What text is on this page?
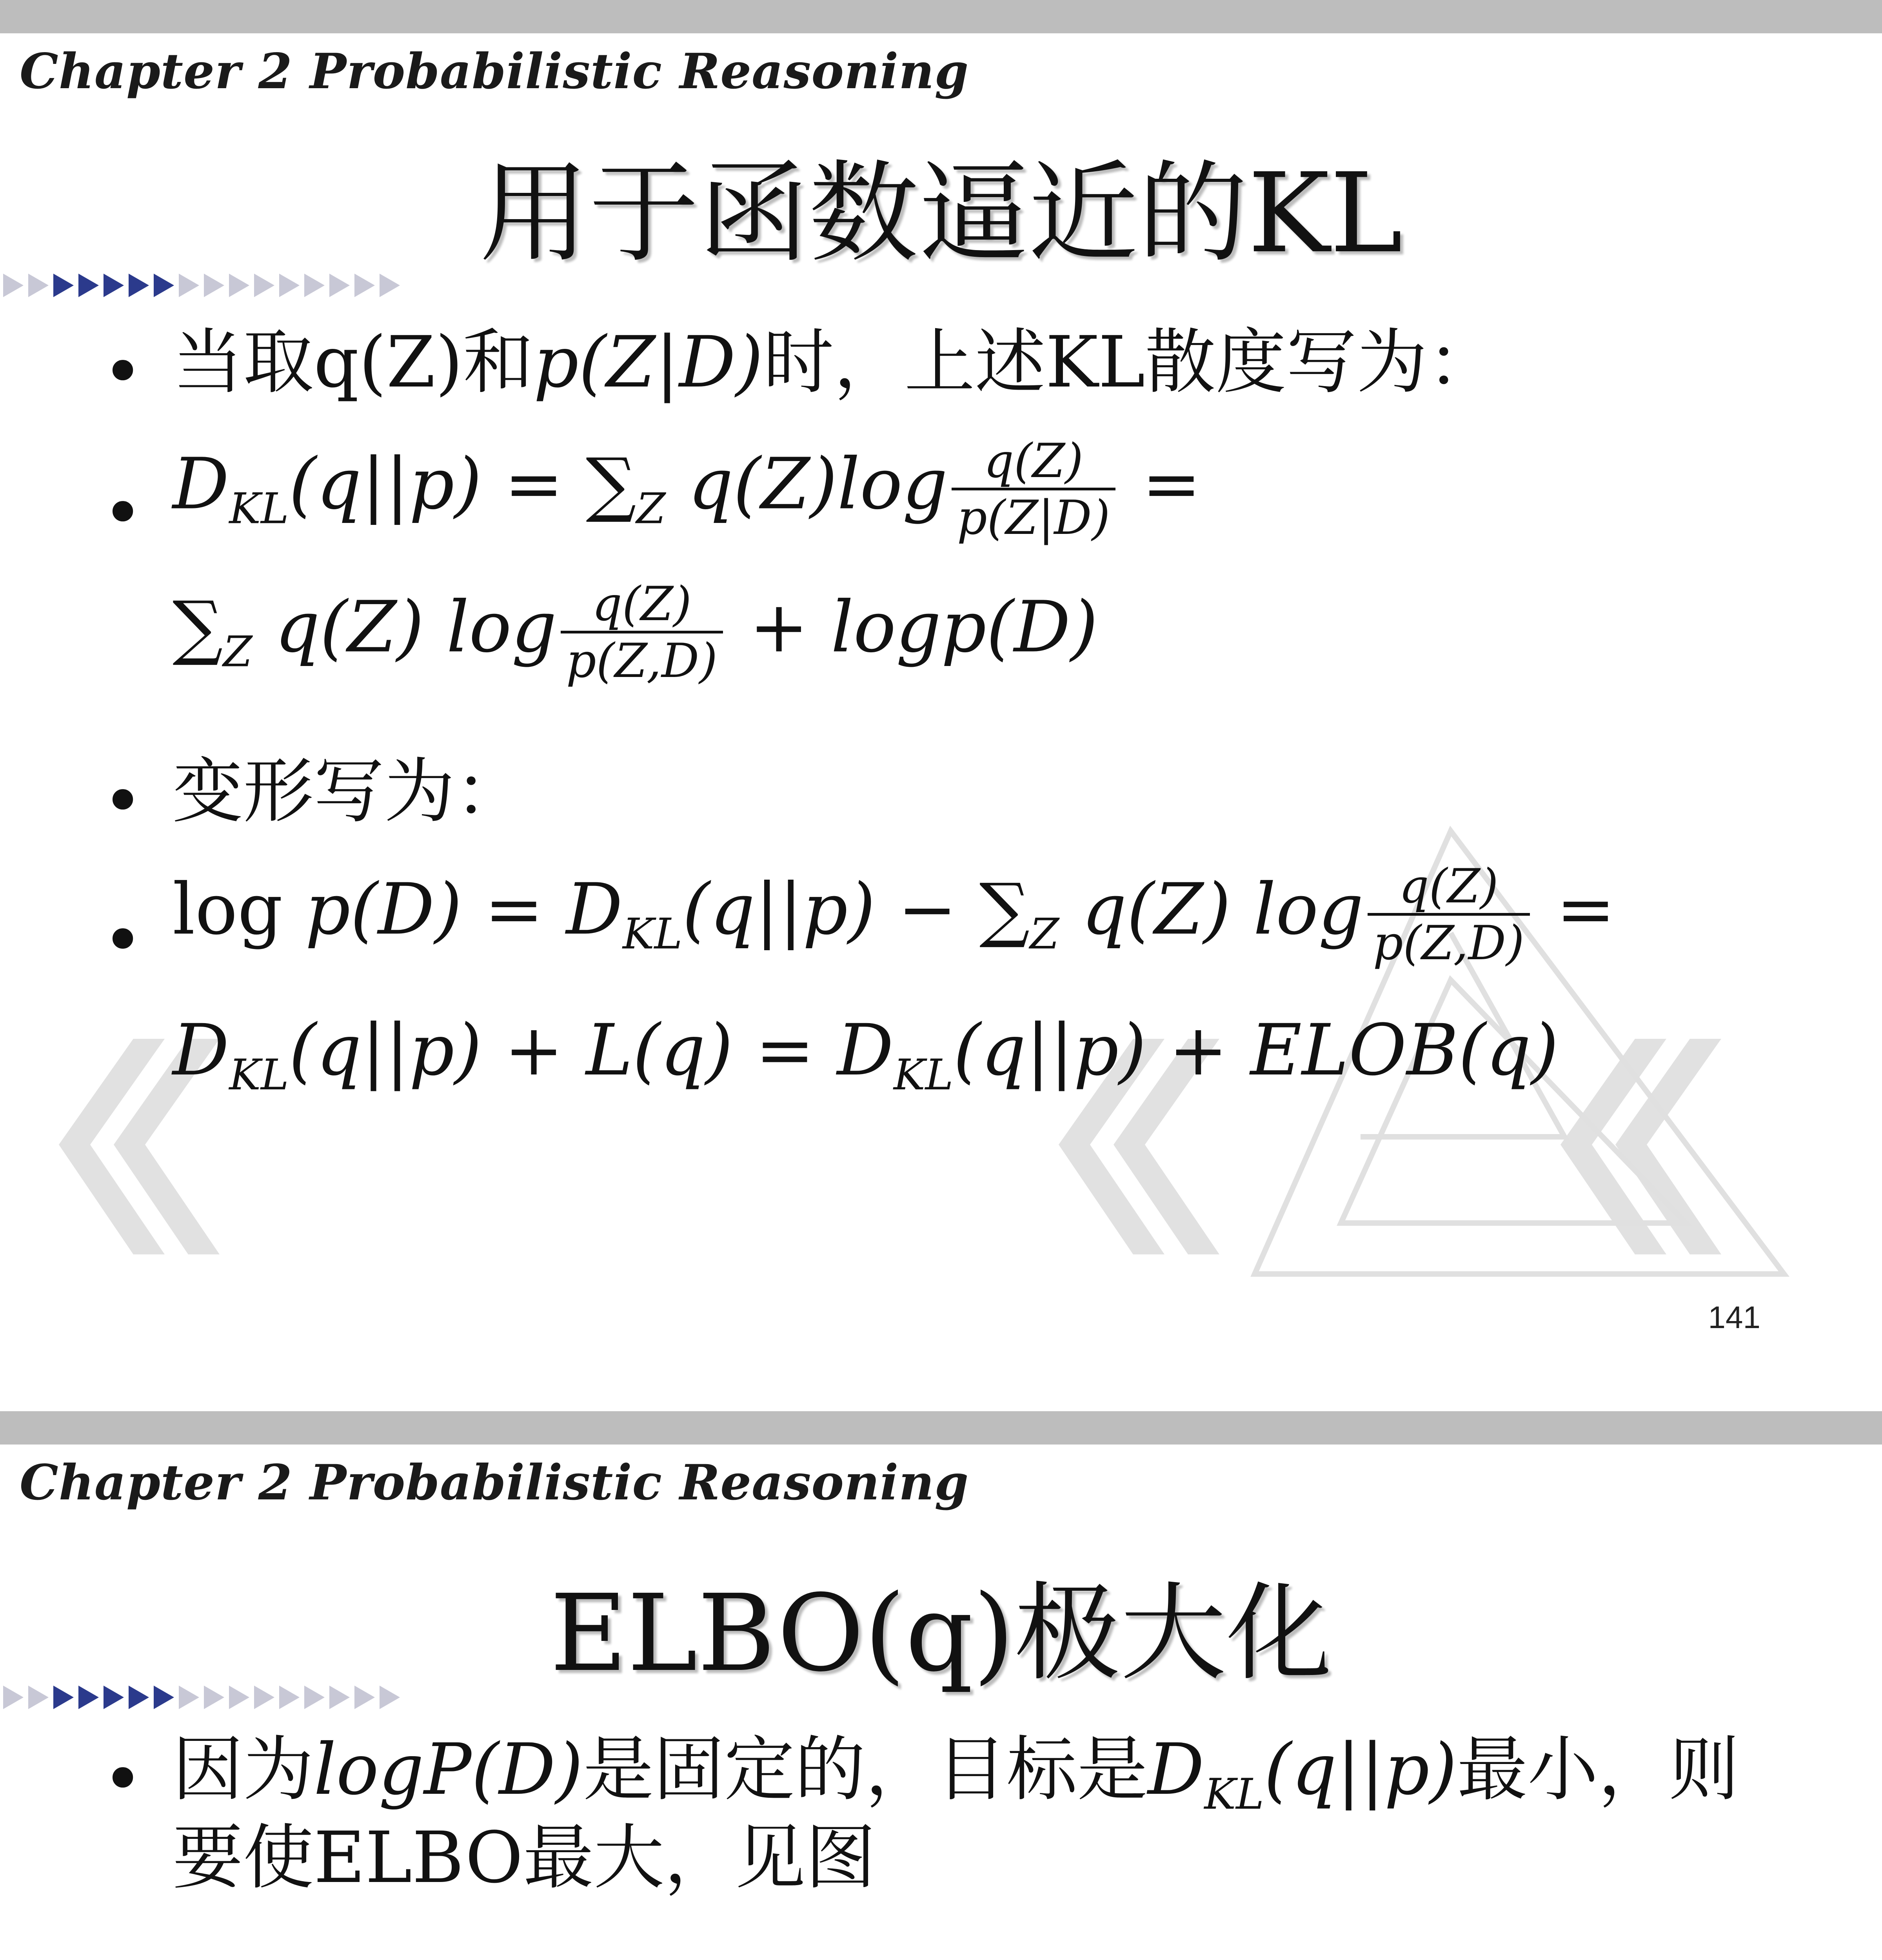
Chapter 2 Probabilistic Reasoning
用于函数逼近的KL
• 当取q(Z)和p(Z|D)时，上述KL散度写为：
• $D_{KL}(q||p) = \sum_Z$ $q(Z)\log \frac{q(Z)}{p(Z|D)}$ =
$\sum_Z$ q(Z) $\log \frac{q(Z)}{p(Z,D)} + \log p(D)$
• 变形写为：
• $\log p(D) = D_{KL}(q||p) - \sum_Z$ q(Z) $\log \frac{q(Z)}{p(Z,D)}$ =
$D_{KL}(q||p) + L(q) = D_{KL}(q||p)$ + ELOB(q)
141
Chapter 2 Probabilistic Reasoning
ELBO(q)极大化
• 因为logP(D)是固定的，目标是$D_{KL}(q||p)$最小，则
要使ELBO最大，见图
